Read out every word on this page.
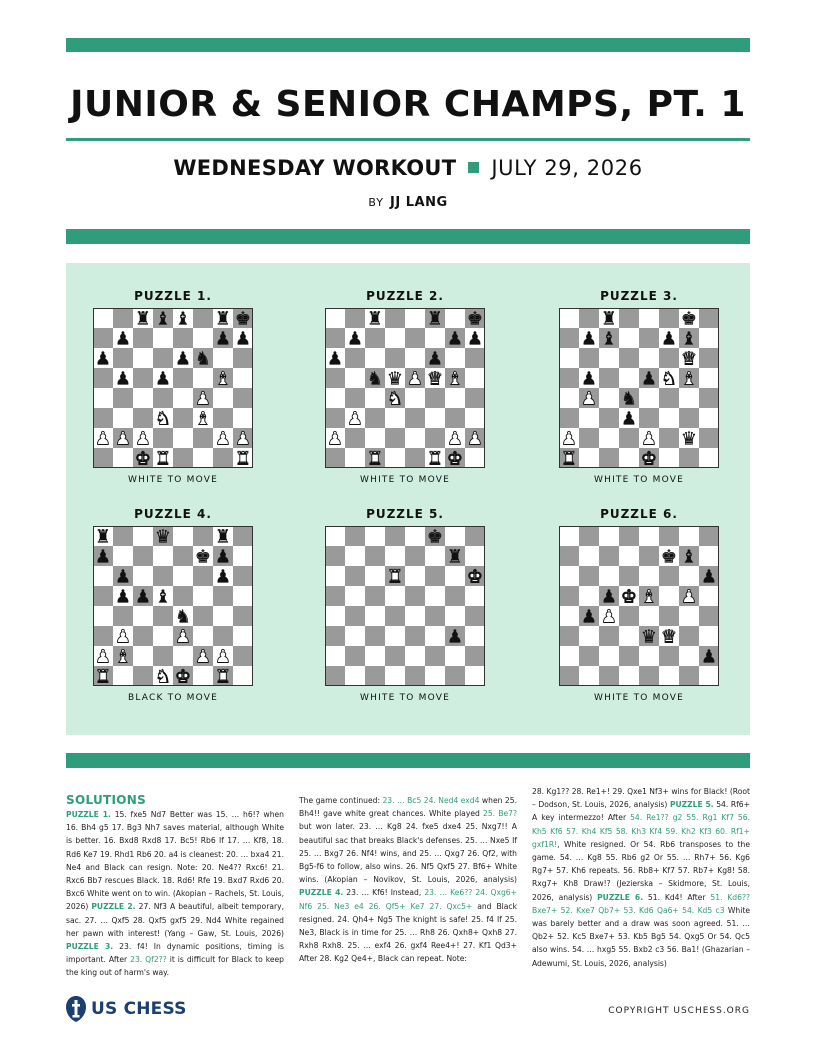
JUNIOR & SENIOR CHAMPS, PT. 1
WEDNESDAY WORKOUT JULY 29, 2026
BY JJ LANG
PUZZLE 1.
♜ ♝ ♝ ♜ ♚
♟	♟ ♟
♟	♟ ♞
♟ ♟ ♝
♟
♞ ♝
♟ ♟ ♟	♟ ♟
♚ ♜	♜
WHITE TO MOVE
PUZZLE 2.
♜ ♜ ♚
♟	♟ ♟
♟	♟
♞ ♛ ♟ ♛ ♝
♞
♟
♟	♟ ♟
♜ ♜ ♚
WHITE TO MOVE
PUZZLE 3.
♜	♚
♟ ♝ ♟ ♝
♛
♟ ♟ ♞ ♝
♟ ♞
♟
♟	♟ ♛
♜	♚
WHITE TO MOVE
PUZZLE 4.
♜ ♛ ♜
♟	♚ ♟
♟	♟
♟ ♟ ♝
♞
♟ ♟
♟ ♝	♟ ♟
♜ ♞ ♚ ♜
BLACK TO MOVE
PUZZLE 5.
♚
♜
♜	♚
♟
WHITE TO MOVE
PUZZLE 6.
♚ ♝
♟
♟ ♚ ♝ ♟
♟ ♟
♛ ♛
♟
WHITE TO MOVE
SOLUTIONS
PUZZLE 1. 15. fxe5 Nd7 Better was 15. … h6!? when 16. Bh4 g5 17. Bg3 Nh7 saves material, although White is better. 16. Bxd8 Rxd8 17. Bc5! Rb6 If 17. … Kf8, 18. Rd6 Ke7 19. Rhd1 Rb6 20. a4 is cleanest: 20. … bxa4 21. Ne4 and Black can resign. Note: 20. Ne4?? Rxc6! 21. Rxc6 Bb7 rescues Black. 18. Rd6! Rfe 19. Bxd7 Rxd6 20. Bxc6 White went on to win. (Akopian – Rachels, St. Louis, 2026) PUZZLE 2. 27. Nf3 A beautiful, albeit temporary, sac. 27. … Qxf5 28. Qxf5 gxf5 29. Nd4 White regained her pawn with interest! (Yang – Gaw, St. Louis, 2026) PUZZLE 3. 23. f4! In dynamic positions, timing is important. After 23. Qf2?? it is difficult for Black to keep the king out of harm's way.
The game continued: 23. … Bc5 24. Ned4 exd4 when 25. Bh4!! gave white great chances. White played 25. Be7? but won later. 23. … Kg8 24. fxe5 dxe4 25. Nxg7!! A beautiful sac that breaks Black's defenses. 25. … Nxe5 If 25. … Bxg7 26. Nf4! wins, and 25. … Qxg7 26. Qf2, with Bg5-f6 to follow, also wins. 26. Nf5 Qxf5 27. Bf6+ White wins. (Akopian – Novikov, St. Louis, 2026, analysis) PUZZLE 4. 23. … Kf6! Instead, 23. … Ke6?? 24. Qxg6+ Nf6 25. Ne3 e4 26. Qf5+ Ke7 27. Qxc5+ and Black resigned. 24. Qh4+ Ng5 The knight is safe! 25. f4 If 25. Ne3, Black is in time for 25. … Rh8 26. Qxh8+ Qxh8 27. Rxh8 Rxh8. 25. … exf4 26. gxf4 Ree4+! 27. Kf1 Qd3+ After 28. Kg2 Qe4+, Black can repeat. Note:
28. Kg1?? 28. Re1+! 29. Qxe1 Nf3+ wins for Black! (Root – Dodson, St. Louis, 2026, analysis) PUZZLE 5. 54. Rf6+ A key intermezzo! After 54. Re1?? g2 55. Rg1 Kf7 56. Kh5 Kf6 57. Kh4 Kf5 58. Kh3 Kf4 59. Kh2 Kf3 60. Rf1+ gxf1R!, White resigned. Or 54. Rb6 transposes to the game. 54. … Kg8 55. Rb6 g2 Or 55. … Rh7+ 56. Kg6 Rg7+ 57. Kh6 repeats. 56. Rb8+ Kf7 57. Rb7+ Kg8! 58. Rxg7+ Kh8 Draw!? (Jezierska – Skidmore, St. Louis, 2026, analysis) PUZZLE 6. 51. Kd4! After 51. Kd6?? Bxe7+ 52. Kxe7 Qb7+ 53. Kd6 Qa6+ 54. Kd5 c3 White was barely better and a draw was soon agreed. 51. … Qb2+ 52. Kc5 Bxe7+ 53. Kb5 Bg5 54. Qxg5 Or 54. Qc5 also wins. 54. … hxg5 55. Bxb2 c3 56. Ba1! (Ghazarian – Adewumi, St. Louis, 2026, analysis)
US CHESS	COPYRIGHT USCHESS.ORG
